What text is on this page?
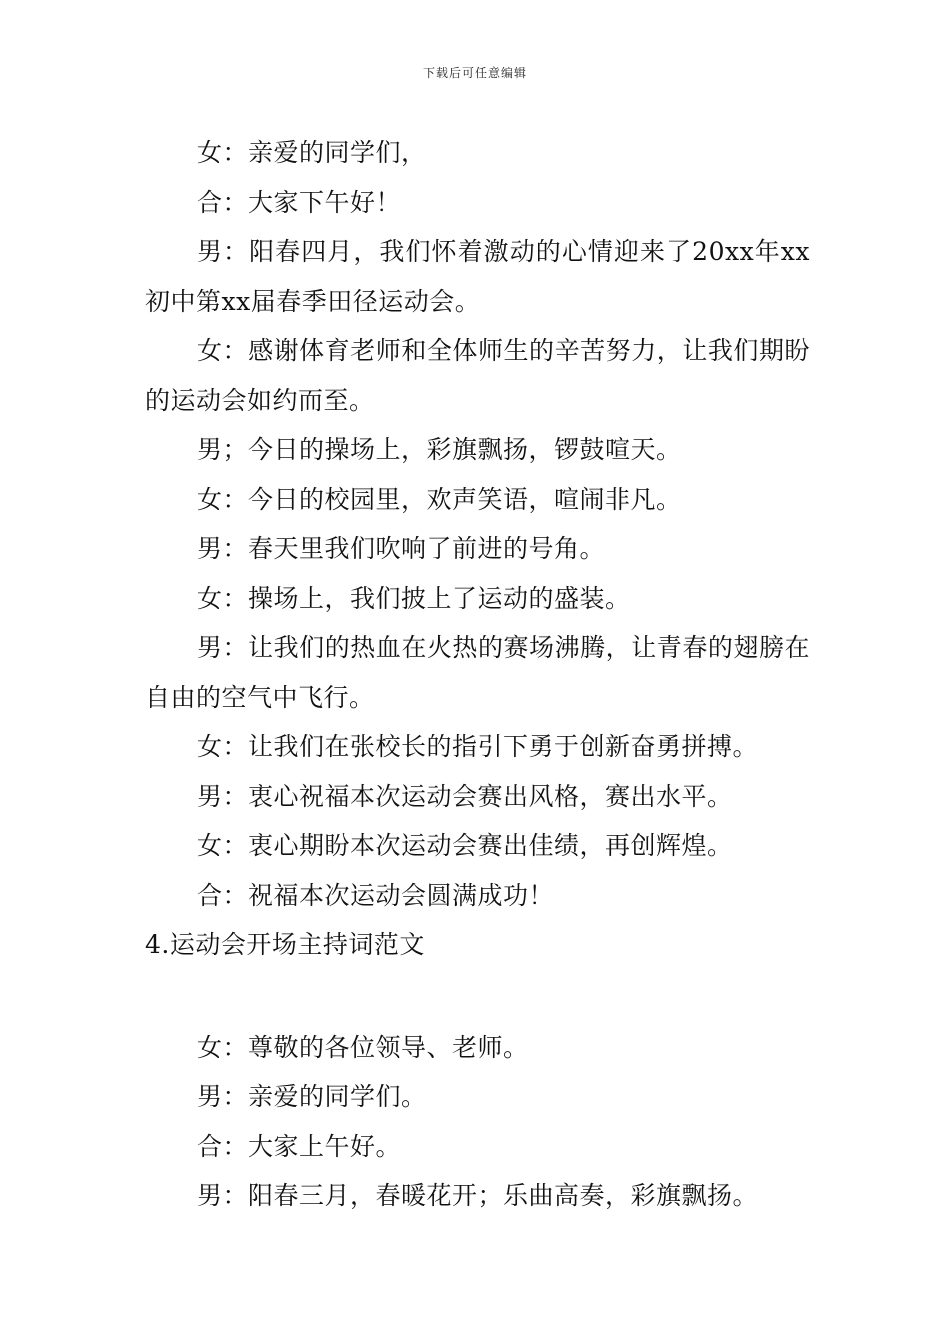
下载后可任意编辑

女：亲爱的同学们，

合：大家下午好！

男：阳春四月，我们怀着激动的心情迎来了20xx年xx初中第xx届春季田径运动会。

女：感谢体育老师和全体师生的辛苦努力，让我们期盼的运动会如约而至。

男；今日的操场上，彩旗飘扬，锣鼓喧天。

女：今日的校园里，欢声笑语，喧闹非凡。

男：春天里我们吹响了前进的号角。

女：操场上，我们披上了运动的盛装。

男：让我们的热血在火热的赛场沸腾，让青春的翅膀在自由的空气中飞行。

女：让我们在张校长的指引下勇于创新奋勇拼搏。

男：衷心祝福本次运动会赛出风格，赛出水平。

女：衷心期盼本次运动会赛出佳绩，再创辉煌。

合：祝福本次运动会圆满成功！

4.运动会开场主持词范文

女：尊敬的各位领导、老师。

男：亲爱的同学们。

合：大家上午好。

男：阳春三月，春暖花开；乐曲高奏，彩旗飘扬。
